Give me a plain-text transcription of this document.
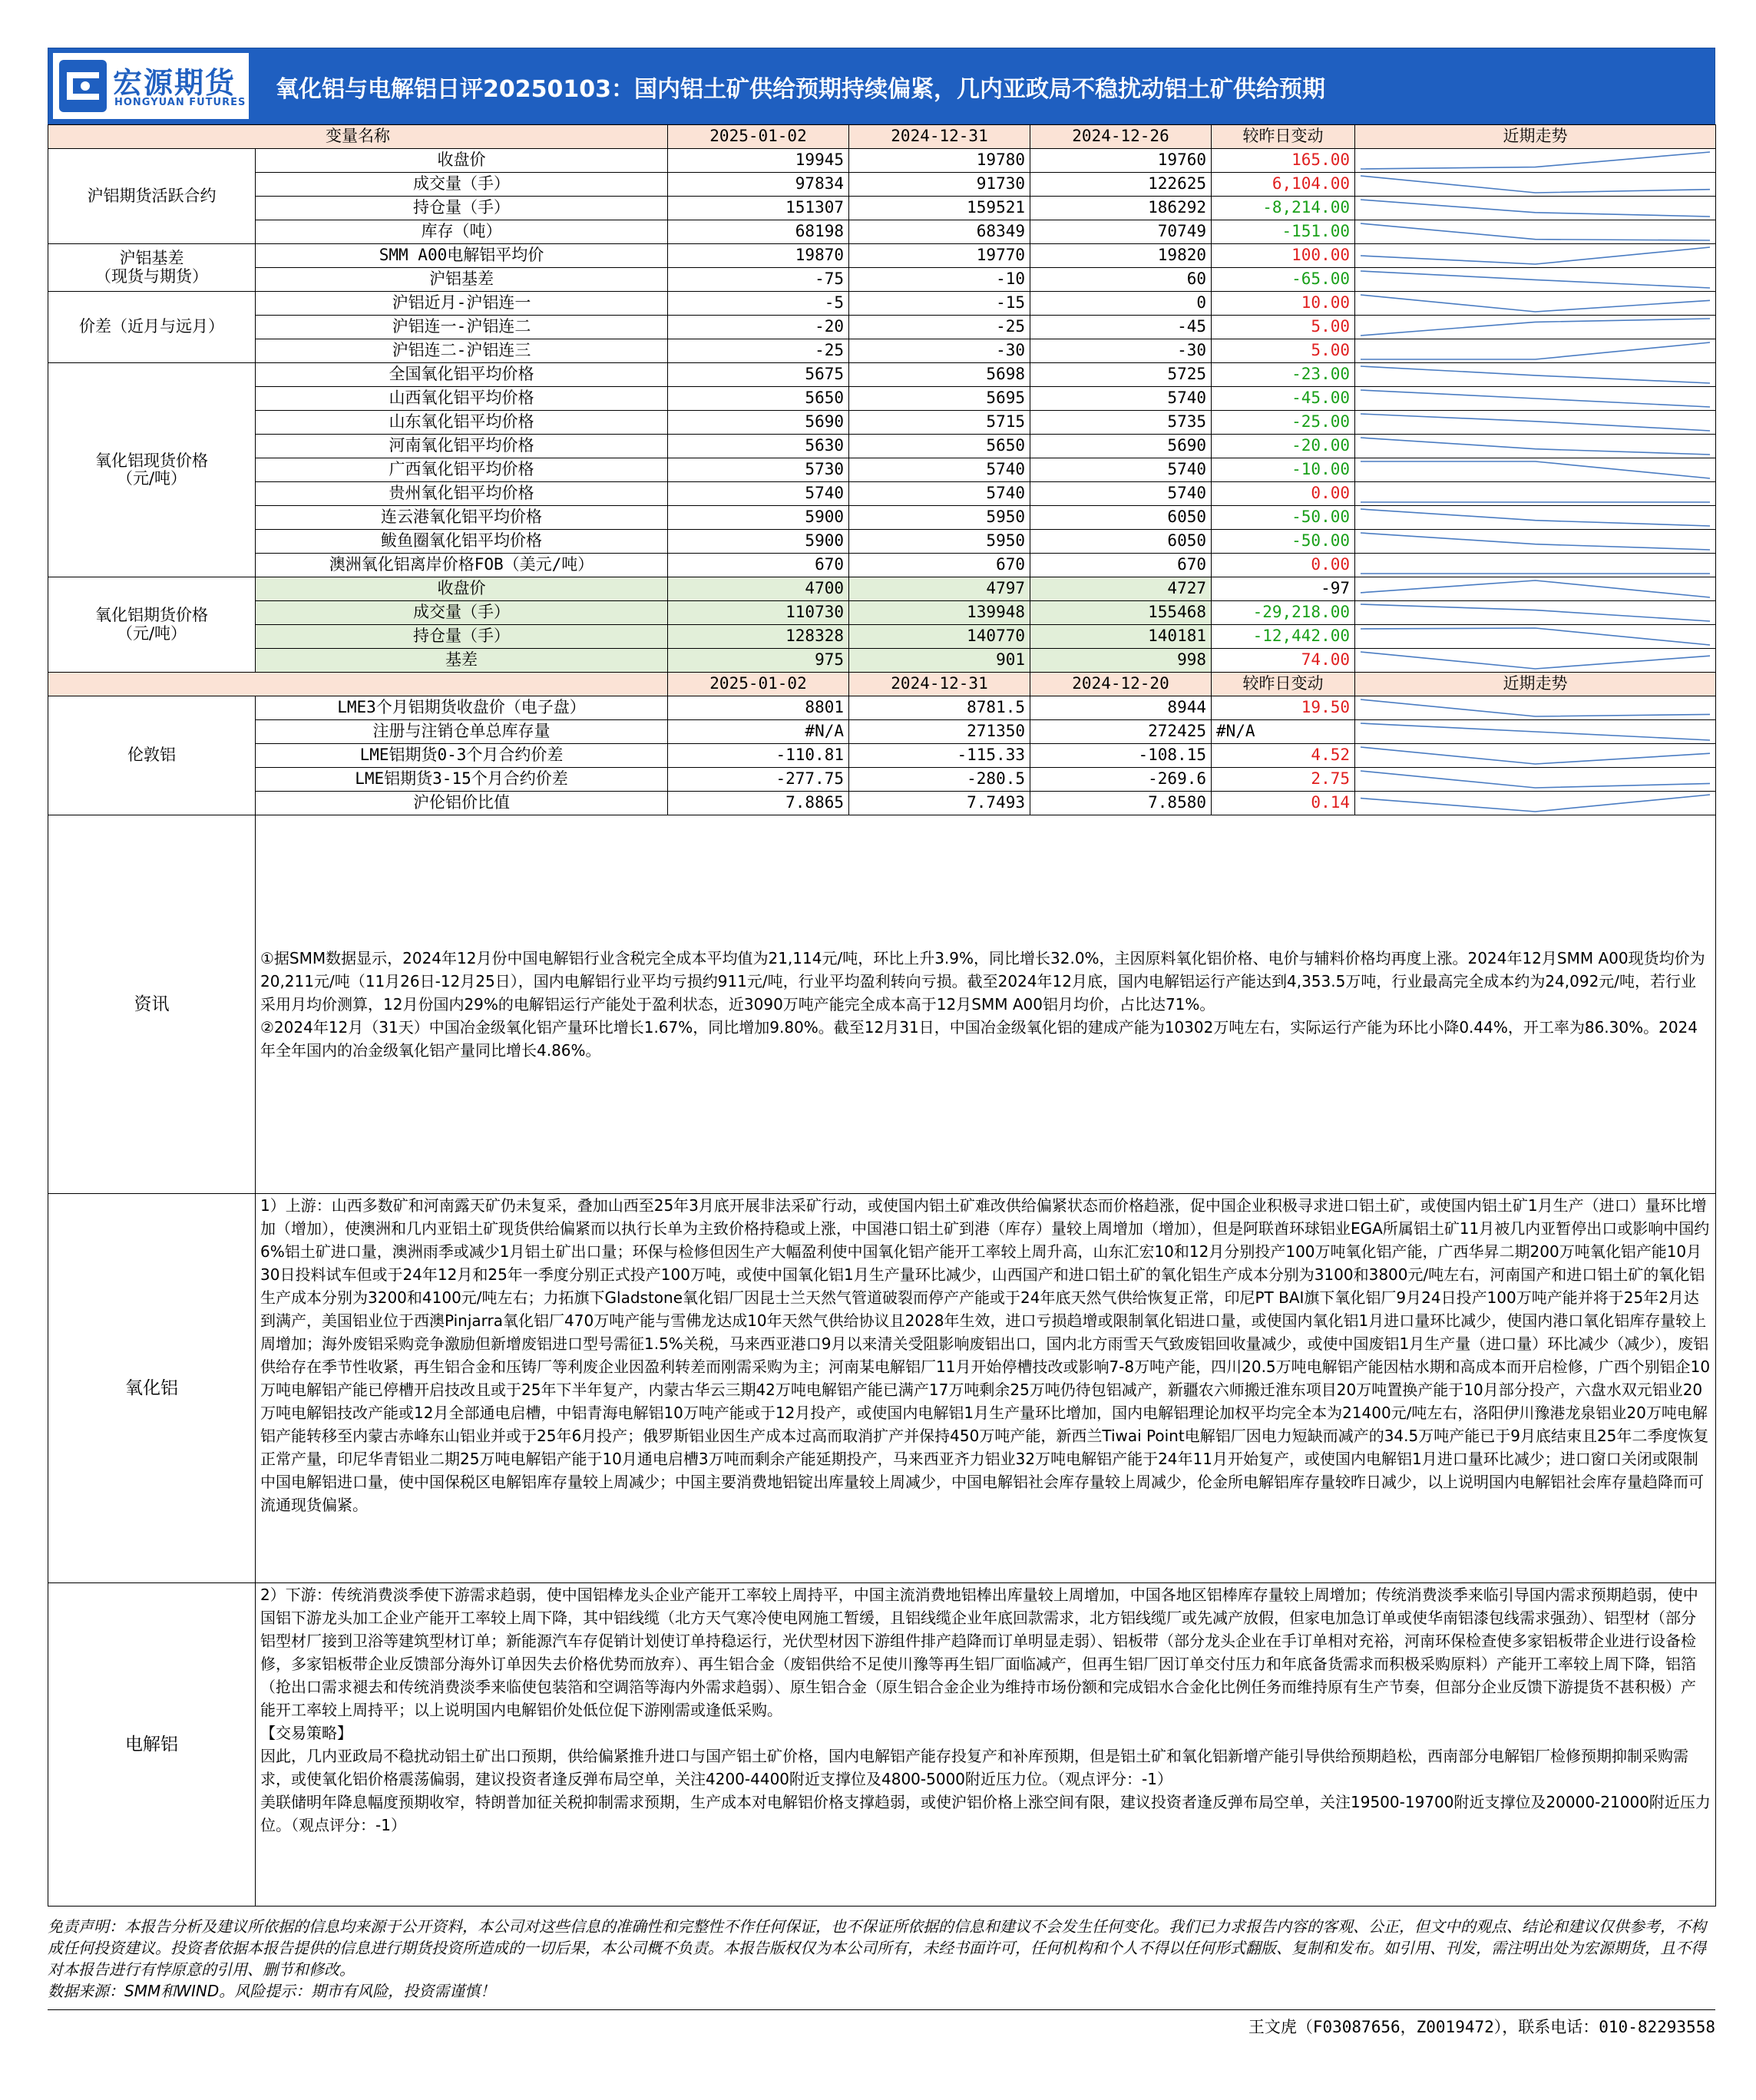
宏源期货
HONGYUAN FUTURES 氧化铝与电解铝日评20250103：国内铝土矿供给预期持续偏紧，几内亚政局不稳扰动铝土矿供给预期
变量名称		2025-01-02	2024-12-31	2024-12-26	较昨日变动	近期走势
沪铝期货活跃合约	收盘价	19945	19780	19760	165.00	

	成交量（手）	97834	91730	122625	6,104.00	

	持仓量（手）	151307	159521	186292	-8,214.00	

	库存（吨）	68198	68349	70749	-151.00	

沪铝基差
（现货与期货）	SMM A00电解铝平均价	19870	19770	19820	100.00	

	沪铝基差	-75	-10	60	-65.00	

价差（近月与远月）	沪铝近月-沪铝连一	-5	-15	0	10.00	

	沪铝连一-沪铝连二	-20	-25	-45	5.00	

	沪铝连二-沪铝连三	-25	-30	-30	5.00	

氧化铝现货价格
（元/吨）	全国氧化铝平均价格	5675	5698	5725	-23.00	

	山西氧化铝平均价格	5650	5695	5740	-45.00	

	山东氧化铝平均价格	5690	5715	5735	-25.00	

	河南氧化铝平均价格	5630	5650	5690	-20.00	

	广西氧化铝平均价格	5730	5740	5740	-10.00	

	贵州氧化铝平均价格	5740	5740	5740	0.00	

	连云港氧化铝平均价格	5900	5950	6050	-50.00	

	鲅鱼圈氧化铝平均价格	5900	5950	6050	-50.00	

	澳洲氧化铝离岸价格FOB（美元/吨）	670	670	670	0.00	

氧化铝期货价格
（元/吨）	收盘价	4700	4797	4727	-97	

	成交量（手）	110730	139948	155468	-29,218.00	

	持仓量（手）	128328	140770	140181	-12,442.00	

	基差	975	901	998	74.00	

		2025-01-02	2024-12-31	2024-12-20	较昨日变动	近期走势
伦敦铝	LME3个月铝期货收盘价（电子盘）	8801	8781.5	8944	19.50	

	注册与注销仓单总库存量	#N/A	271350	272425	#N/A	

	LME铝期货0-3个月合约价差	-110.81	-115.33	-108.15	4.52	

	LME铝期货3-15个月合约价差	-277.75	-280.5	-269.6	2.75	

	沪伦铝价比值	7.8865	7.7493	7.8580	0.14	

资讯	①据SMM数据显示，2024年12月份中国电解铝行业含税完全成本平均值为21,114元/吨，环比上升3.9%，同比增长32.0%，主因原料氧化铝价格、电价与辅料价格均再度上涨。2024年12月SMM A00现货均价为20,211元/吨（11月26日-12月25日），国内电解铝行业平均亏损约911元/吨，行业平均盈利转向亏损。截至2024年12月底，国内电解铝运行产能达到4,353.5万吨，行业最高完全成本约为24,092元/吨，若行业采用月均价测算，12月份国内29%的电解铝运行产能处于盈利状态，近3090万吨产能完全成本高于12月SMM A00铝月均价，占比达71%。
②2024年12月（31天）中国冶金级氧化铝产量环比增长1.67%，同比增加9.80%。截至12月31日，中国冶金级氧化铝的建成产能为10302万吨左右，实际运行产能为环比小降0.44%，开工率为86.30%。2024年全年国内的冶金级氧化铝产量同比增长4.86%。					

氧化铝	1）上游：山西多数矿和河南露天矿仍未复采，叠加山西至25年3月底开展非法采矿行动，或使国内铝土矿难改供给偏紧状态而价格趋涨，促中国企业积极寻求进口铝土矿，或使国内铝土矿1月生产（进口）量环比增加（增加），使澳洲和几内亚铝土矿现货供给偏紧而以执行长单为主致价格持稳或上涨，中国港口铝土矿到港（库存）量较上周增加（增加），但是阿联酋环球铝业EGA所属铝土矿11月被几内亚暂停出口或影响中国约6%铝土矿进口量，澳洲雨季或减少1月铝土矿出口量；环保与检修但因生产大幅盈利使中国氧化铝产能开工率较上周升高，山东汇宏10和12月分别投产100万吨氧化铝产能，广西华昇二期200万吨氧化铝产能10月30日投料试车但或于24年12月和25年一季度分别正式投产100万吨，或使中国氧化铝1月生产量环比减少，山西国产和进口铝土矿的氧化铝生产成本分别为3100和3800元/吨左右，河南国产和进口铝土矿的氧化铝生产成本分别为3200和4100元/吨左右；力拓旗下Gladstone氧化铝厂因昆士兰天然气管道破裂而停产产能或于24年底天然气供给恢复正常，印尼PT BAI旗下氧化铝厂9月24日投产100万吨产能并将于25年2月达到满产，美国铝业位于西澳Pinjarra氧化铝厂470万吨产能与雪佛龙达成10年天然气供给协议且2028年生效，进口亏损趋增或限制氧化铝进口量，或使国内氧化铝1月进口量环比减少，使国内港口氧化铝库存量较上周增加；海外废铝采购竞争激励但新增废铝进口型号需征1.5%关税，马来西亚港口9月以来清关受阻影响废铝出口，国内北方雨雪天气致废铝回收量减少，或使中国废铝1月生产量（进口量）环比减少（减少），废铝供给存在季节性收紧，再生铝合金和压铸厂等利废企业因盈利转差而刚需采购为主；河南某电解铝厂11月开始停槽技改或影响7-8万吨产能，四川20.5万吨电解铝产能因枯水期和高成本而开启检修，广西个别铝企10万吨电解铝产能已停槽开启技改且或于25年下半年复产，内蒙古华云三期42万吨电解铝产能已满产17万吨剩余25万吨仍待包铝减产，新疆农六师搬迁淮东项目20万吨置换产能于10月部分投产，六盘水双元铝业20万吨电解铝技改产能或12月全部通电启槽，中铝青海电解铝10万吨产能或于12月投产，或使国内电解铝1月生产量环比增加，国内电解铝理论加权平均完全本为21400元/吨左右，洛阳伊川豫港龙泉铝业20万吨电解铝产能转移至内蒙古赤峰东山铝业并或于25年6月投产；俄罗斯铝业因生产成本过高而取消扩产并保持450万吨产能，新西兰Tiwai Point电解铝厂因电力短缺而减产的34.5万吨产能已于9月底结束且25年二季度恢复正常产量，印尼华青铝业二期25万吨电解铝产能于10月通电启槽3万吨而剩余产能延期投产，马来西亚齐力铝业32万吨电解铝产能于24年11月开始复产，或使国内电解铝1月进口量环比减少；进口窗口关闭或限制中国电解铝进口量，使中国保税区电解铝库存量较上周减少；中国主要消费地铝锭出库量较上周减少，中国电解铝社会库存量较上周减少，伦金所电解铝库存量较昨日减少，以上说明国内电解铝社会库存量趋降而可流通现货偏紧。					

电解铝	2）下游：传统消费淡季使下游需求趋弱，使中国铝棒龙头企业产能开工率较上周持平，中国主流消费地铝棒出库量较上周增加，中国各地区铝棒库存量较上周增加；传统消费淡季来临引导国内需求预期趋弱，使中国铝下游龙头加工企业产能开工率较上周下降，其中铝线缆（北方天气寒冷使电网施工暂缓，且铝线缆企业年底回款需求，北方铝线缆厂或先减产放假，但家电加急订单或使华南铝漆包线需求强劲）、铝型材（部分铝型材厂接到卫浴等建筑型材订单；新能源汽车存促销计划使订单持稳运行，光伏型材因下游组件排产趋降而订单明显走弱）、铝板带（部分龙头企业在手订单相对充裕，河南环保检查使多家铝板带企业进行设备检修，多家铝板带企业反馈部分海外订单因失去价格优势而放弃）、再生铝合金（废铝供给不足使川豫等再生铝厂面临减产，但再生铝厂因订单交付压力和年底备货需求而积极采购原料）产能开工率较上周下降，铝箔（抢出口需求褪去和传统消费淡季来临使包装箔和空调箔等海内外需求趋弱）、原生铝合金（原生铝合金企业为维持市场份额和完成铝水合金化比例任务而维持原有生产节奏，但部分企业反馈下游提货不甚积极）产能开工率较上周持平；以上说明国内电解铝价处低位促下游刚需或逢低采购。
【交易策略】
因此，几内亚政局不稳扰动铝土矿出口预期，供给偏紧推升进口与国产铝土矿价格，国内电解铝产能存投复产和补库预期，但是铝土矿和氧化铝新增产能引导供给预期趋松，西南部分电解铝厂检修预期抑制采购需求，或使氧化铝价格震荡偏弱，建议投资者逢反弹布局空单，关注4200-4400附近支撑位及4800-5000附近压力位。（观点评分：-1）
美联储明年降息幅度预期收窄，特朗普加征关税抑制需求预期，生产成本对电解铝价格支撑趋弱，或使沪铝价格上涨空间有限，建议投资者逢反弹布局空单，关注19500-19700附近支撑位及20000-21000附近压力位。（观点评分：-1）					
免责声明：本报告分析及建议所依据的信息均来源于公开资料，本公司对这些信息的准确性和完整性不作任何保证，也不保证所依据的信息和建议不会发生任何变化。我们已力求报告内容的客观、公正，但文中的观点、结论和建议仅供参考，不构成任何投资建议。投资者依据本报告提供的信息进行期货投资所造成的一切后果，本公司概不负责。本报告版权仅为本公司所有，未经书面许可，任何机构和个人不得以任何形式翻版、复制和发布。如引用、刊发，需注明出处为宏源期货，且不得对本报告进行有悖原意的引用、删节和修改。
数据来源：SMM和WIND。风险提示：期市有风险，投资需谨慎！
王文虎（F03087656，Z0019472），联系电话：010-82293558
